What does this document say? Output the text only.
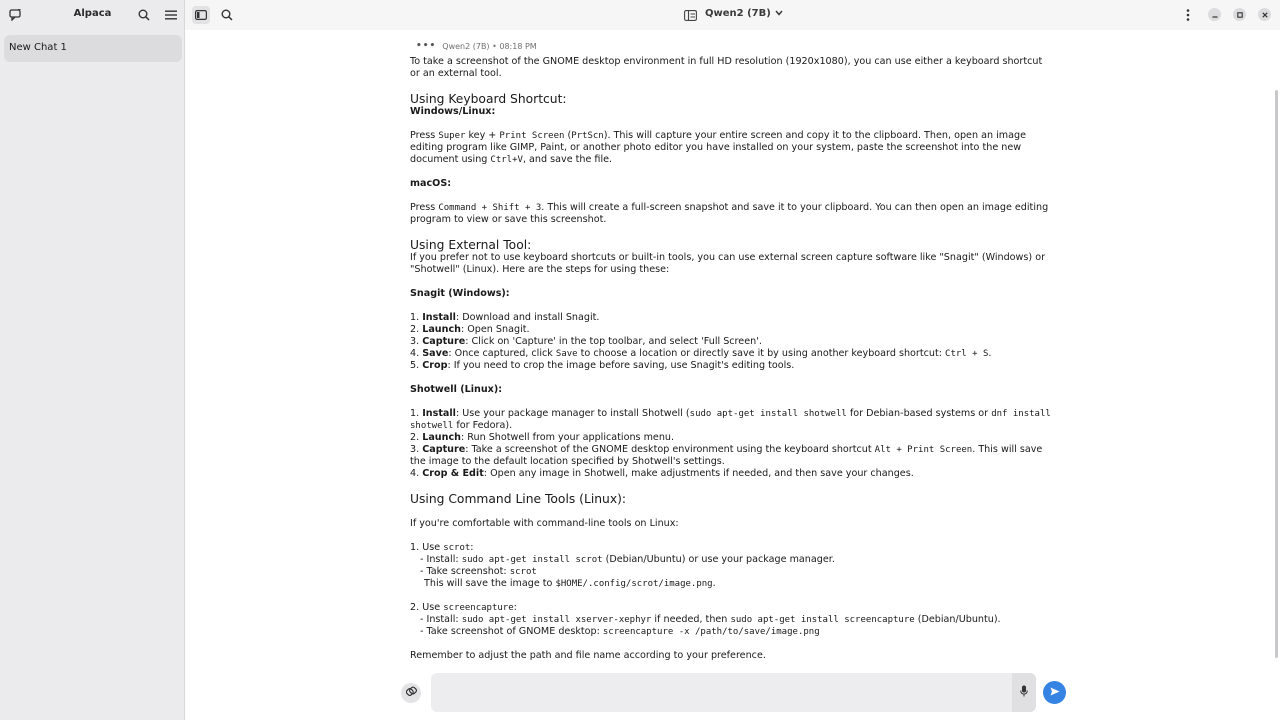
Alpaca
New Chat 1
Qwen2 (7B)
••• Qwen2 (7B) • 08:18 PM

To take a screenshot of the GNOME desktop environment in full HD resolution (1920x1080), you can use either a keyboard shortcut or an external tool.

Using Keyboard Shortcut:

Windows/Linux:

Press Super key + Print Screen (PrtScn). This will capture your entire screen and copy it to the clipboard. Then, open an image editing program like GIMP, Paint, or another photo editor you have installed on your system, paste the screenshot into the new document using Ctrl+V, and save the file.

macOS:

Press Command + Shift + 3. This will create a full-screen snapshot and save it to your clipboard. You can then open an image editing program to view or save this screenshot.

Using External Tool:

If you prefer not to use keyboard shortcuts or built-in tools, you can use external screen capture software like "Snagit" (Windows) or "Shotwell" (Linux). Here are the steps for using these:

Snagit (Windows):

1. Install: Download and install Snagit.

2. Launch: Open Snagit.

3. Capture: Click on 'Capture' in the top toolbar, and select 'Full Screen'.

4. Save: Once captured, click Save to choose a location or directly save it by using another keyboard shortcut: Ctrl + S.

5. Crop: If you need to crop the image before saving, use Snagit's editing tools.

Shotwell (Linux):

1. Install: Use your package manager to install Shotwell (sudo apt-get install shotwell for Debian-based systems or dnf install shotwell for Fedora).

2. Launch: Run Shotwell from your applications menu.

3. Capture: Take a screenshot of the GNOME desktop environment using the keyboard shortcut Alt + Print Screen. This will save the image to the default location specified by Shotwell's settings.

4. Crop & Edit: Open any image in Shotwell, make adjustments if needed, and then save your changes.

Using Command Line Tools (Linux):

If you're comfortable with command-line tools on Linux:

1. Use scrot:

- Install: sudo apt-get install scrot (Debian/Ubuntu) or use your package manager.

- Take screenshot: scrot

This will save the image to $HOME/.config/scrot/image.png.

2. Use screencapture:

- Install: sudo apt-get install xserver-xephyr if needed, then sudo apt-get install screencapture (Debian/Ubuntu).

- Take screenshot of GNOME desktop: screencapture -x /path/to/save/image.png

Remember to adjust the path and file name according to your preference.
